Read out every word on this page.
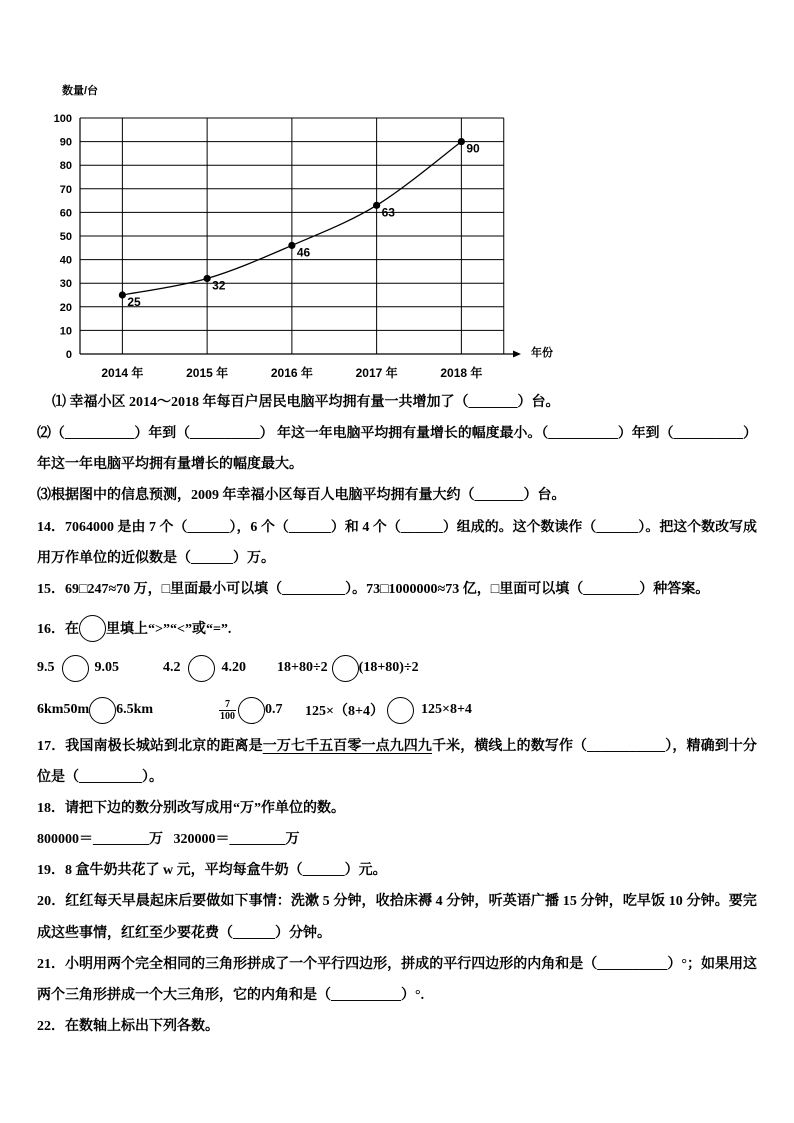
数量/台
年份
0
10
20
30
40
50
60
70
80
90
100
2014 年	2015 年	2016 年	2017 年	2018 年
25
32
46
63
90
⑴ 幸福小区 2014～2018 年每百户居民电脑平均拥有量一共增加了（_______）台。
⑵（__________）年到（__________） 年这一年电脑平均拥有量增长的幅度最小。（__________）年到（__________）
年这一年电脑平均拥有量增长的幅度最大。
⑶根据图中的信息预测，2009 年幸福小区每百人电脑平均拥有量大约（_______）台。
14．7064000 是由 7 个（______），6 个（______）和 4 个（______）组成的。这个数读作（______）。把这个数改写成
用万作单位的近似数是（______）万。
15．69□247≈70 万，□里面最小可以填（_________）。73□1000000≈73 亿，□里面可以填（________）种答案。
16．在 里填上“>”“<”或“=”.
9.5	9.05	4.2	4.20 18+80÷2 (18+80)÷2
6km50m 6.5km	$\frac{7}{100} 0.7$ 125×（8+4）	125×8+4
17．我国南极长城站到北京的距离是一万七千五百零一点九四九千米，横线上的数写作（___________），精确到十分
位是（_________）。
18．请把下边的数分别改写成用“万”作单位的数。
800000＝________万   320000＝________万
19．8 盒牛奶共花了 w 元，平均每盒牛奶（______）元。
20．红红每天早晨起床后要做如下事情：洗漱 5 分钟，收拾床褥 4 分钟，听英语广播 15 分钟，吃早饭 10 分钟。要完
成这些事情，红红至少要花费（______）分钟。
21．小明用两个完全相同的三角形拼成了一个平行四边形，拼成的平行四边形的内角和是（__________）°；如果用这
两个三角形拼成一个大三角形，它的内角和是（__________）°.
22．在数轴上标出下列各数。
